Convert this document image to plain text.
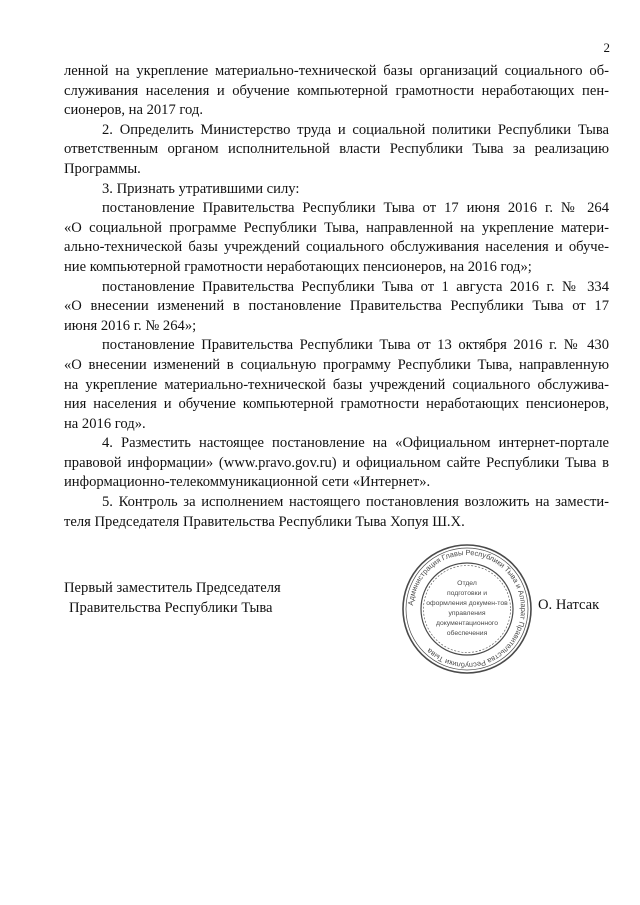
2
ленной на укрепление материально-технической базы организаций социального об-
служивания населения и обучение компьютерной грамотности неработающих пен-
сионеров, на 2017 год.
2. Определить Министерство труда и социальной политики Республики Тыва
ответственным органом исполнительной власти Республики Тыва за реализацию
Программы.
3. Признать утратившими силу:
постановление Правительства Республики Тыва от 17 июня 2016 г. № 264
«О социальной программе Республики Тыва, направленной на укрепление матери-
ально-технической базы учреждений социального обслуживания населения и обуче-
ние компьютерной грамотности неработающих пенсионеров, на 2016 год»;
постановление Правительства Республики Тыва от 1 августа 2016 г. № 334
«О внесении изменений в постановление Правительства Республики Тыва от 17
июня 2016 г. № 264»;
постановление Правительства Республики Тыва от 13 октября 2016 г. № 430
«О внесении изменений в социальную программу Республики Тыва, направленную
на укрепление материально-технической базы учреждений социального обслужива-
ния населения и обучение компьютерной грамотности неработающих пенсионеров,
на 2016 год».
4. Разместить настоящее постановление на «Официальном интернет-портале
правовой информации» (www.pravo.gov.ru) и официальном сайте Республики Тыва в
информационно-телекоммуникационной сети «Интернет».
5. Контроль за исполнением настоящего постановления возложить на замести-
теля Председателя Правительства Республики Тыва Хопуя Ш.Х.
Первый заместитель Председателя
Правительства Республики Тыва	Администрация Главы Республики Тыва и Аппарат Правительства Республики Тыва
Отдел
подготовки и
оформления докумен-тов
управления
документационного
обеспечения
О. Натсак
